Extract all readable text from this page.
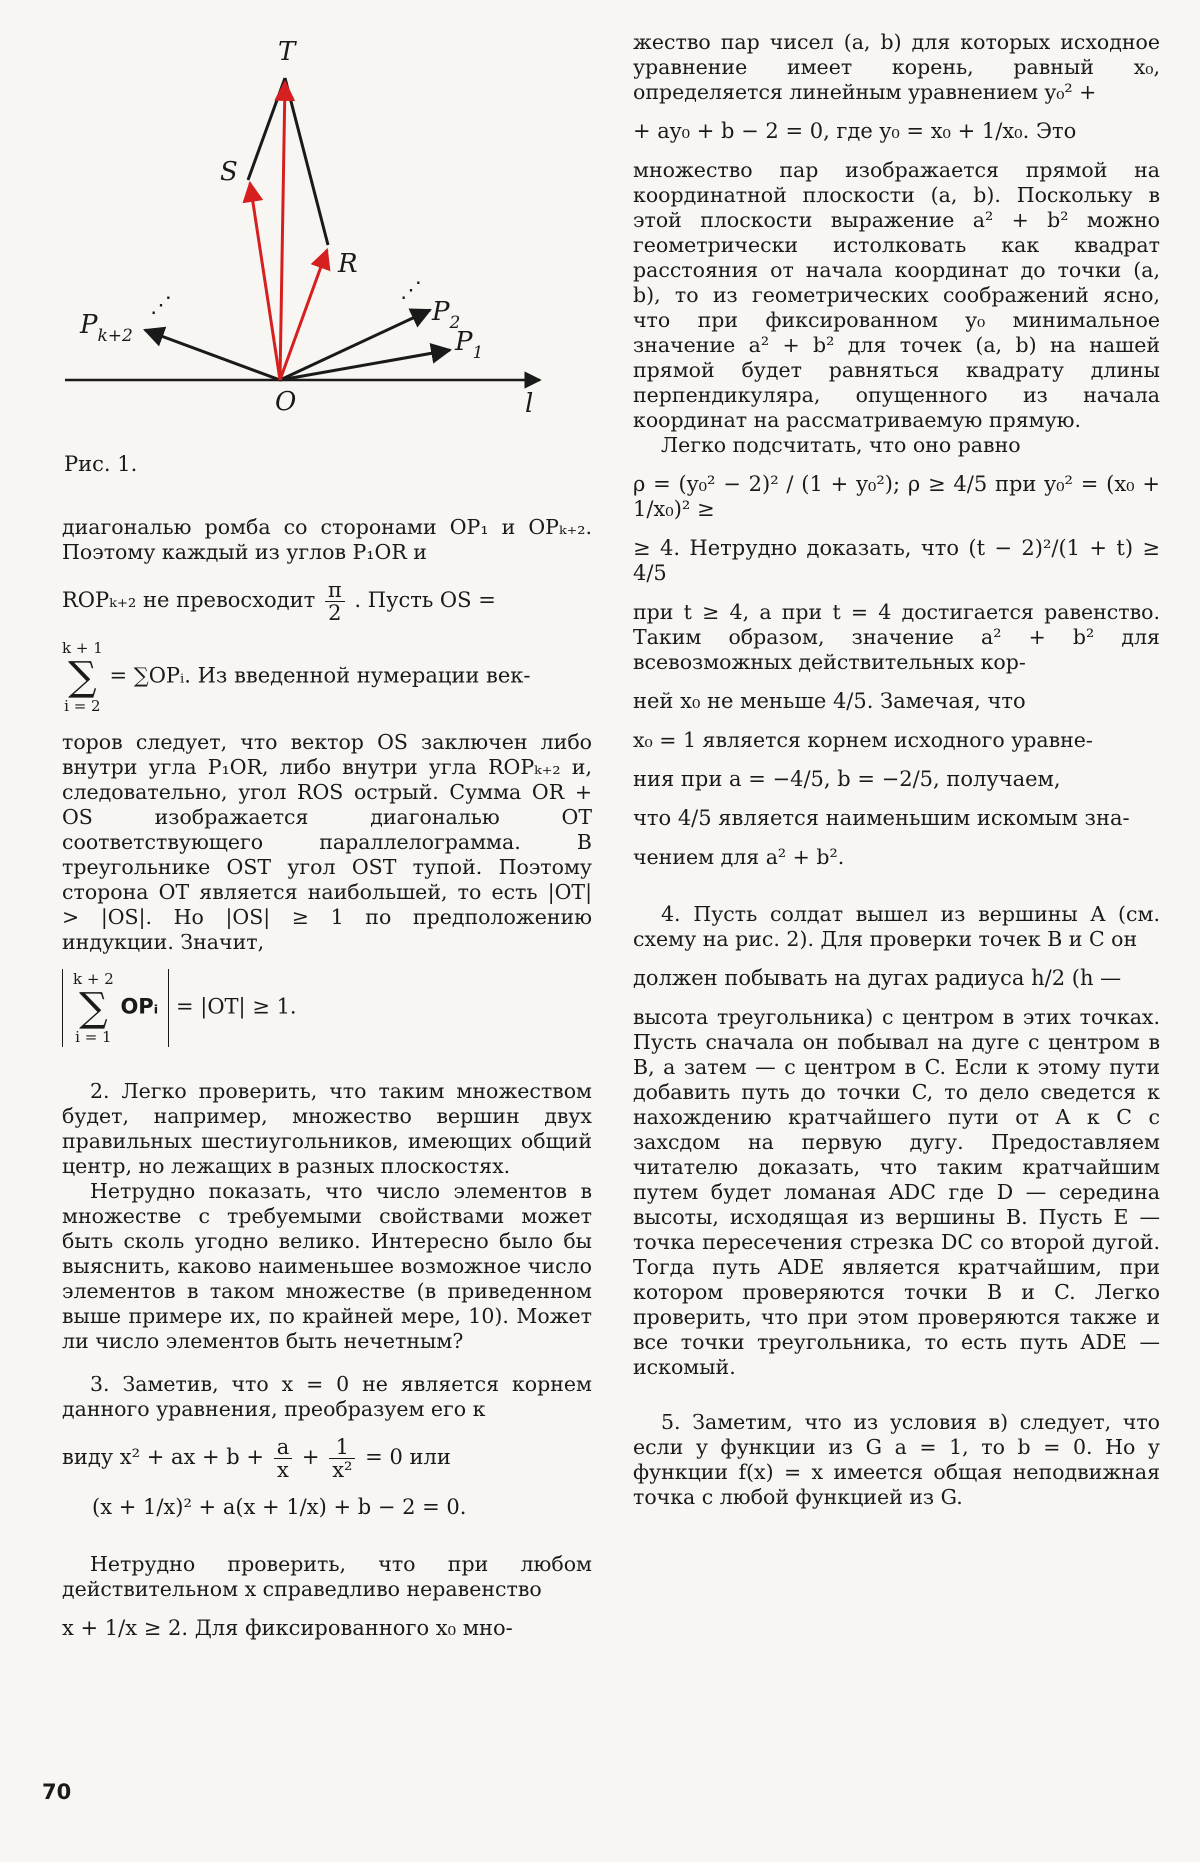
⋰
⋰
T
S
R
$P_{k+2}$
$P_2$
$P_1$
O	l
Рис. 1.

диагональю ромба со сторонами OP₁ и OPₖ₊₂. Поэтому каждый из углов P₁OR и

ROPₖ₊₂ не превосходит $\frac{\pi}{2}$ . Пусть OS =
k + 1
∑
i = 2 = ∑OPᵢ. Из введенной нумерации век-

торов следует, что вектор OS заключен либо внутри угла P₁OR, либо внутри угла ROPₖ₊₂ и, следовательно, угол ROS острый. Сумма OR + OS изображается диагональю OT соответствующего параллелограмма. В треугольнике OST угол OST тупой. Поэтому сторона OT является наибольшей, то есть |OT| > |OS|. Но |OS| ≥ 1 по предположению индукции. Значит,

k + 2
∑
i = 1 OPᵢ = |OT| ≥ 1.

2. Легко проверить, что таким множеством будет, например, множество вершин двух правильных шестиугольников, имеющих общий центр, но лежащих в разных плоскостях.

Нетрудно показать, что число элементов в множестве с требуемыми свойствами может быть сколь угодно велико. Интересно было бы выяснить, каково наименьшее возможное число элементов в таком множестве (в приведенном выше примере их, по крайней мере, 10). Может ли число элементов быть нечетным?

3. Заметив, что x = 0 не является корнем данного уравнения, преобразуем его к

виду x² + ax + $b + \frac{a}{x} + \frac{1}{\text{x²}} = 0$ или
(x + 1/x)² + a(x + 1/x) + b − 2 = 0.

Нетрудно проверить, что при любом действительном x справедливо неравенство

x + 1/x ≥ 2. Для фиксированного x₀ мно-

жество пар чисел (a, b) для которых исходное уравнение имеет корень, равный x₀, определяется линейным уравнением y₀² +

+ ay₀ + b − 2 = 0, где y₀ = x₀ + 1/x₀. Это

множество пар изображается прямой на координатной плоскости (a, b). Поскольку в этой плоскости выражение a² + b² можно геометрически истолковать как квадрат расстояния от начала координат до точки (a, b), то из геометрических соображений ясно, что при фиксированном y₀ минимальное значение a² + b² для точек (a, b) на нашей прямой будет равняться квадрату длины перпендикуляра, опущенного из начала координат на рассматриваемую прямую.

Легко подсчитать, что оно равно

ρ = (y₀² − 2)² / (1 + y₀²); ρ ≥ 4/5 при y₀² = (x₀ + 1/x₀)² ≥
≥ 4. Нетрудно доказать, что (t − 2)²/(1 + t) ≥ 4/5

при t ≥ 4, а при t = 4 достигается равенство. Таким образом, значение a² + b² для всевозможных действительных кор-

ней x₀ не меньше 4/5. Замечая, что

x₀ = 1 является корнем исходного уравне-

ния при a = −4/5, b = −2/5, получаем,
что 4/5 является наименьшим искомым зна-

чением для a² + b².

4. Пусть солдат вышел из вершины A (см. схему на рис. 2). Для проверки точек B и C он

должен побывать на дугах радиуса h/2 (h —

высота треугольника) с центром в этих точках. Пусть сначала он побывал на дуге с центром в B, а затем — с центром в C. Если к этому пути добавить путь до точки C, то дело сведется к нахождению кратчайшего пути от A к C с захсдом на первую дугу. Предоставляем читателю доказать, что таким кратчайшим путем будет ломаная ADC где D — середина высоты, исходящая из вершины B. Пусть E — точка пересечения стрезка DC со второй дугой. Тогда путь ADE является кратчайшим, при котором проверяются точки B и C. Легко проверить, что при этом проверяются также и все точки треугольника, то есть путь ADE — искомый.

5. Заметим, что из условия в) следует, что если у функции из G a = 1, то b = 0. Но у функции f(x) = x имеется общая неподвижная точка с любой функцией из G.

70
